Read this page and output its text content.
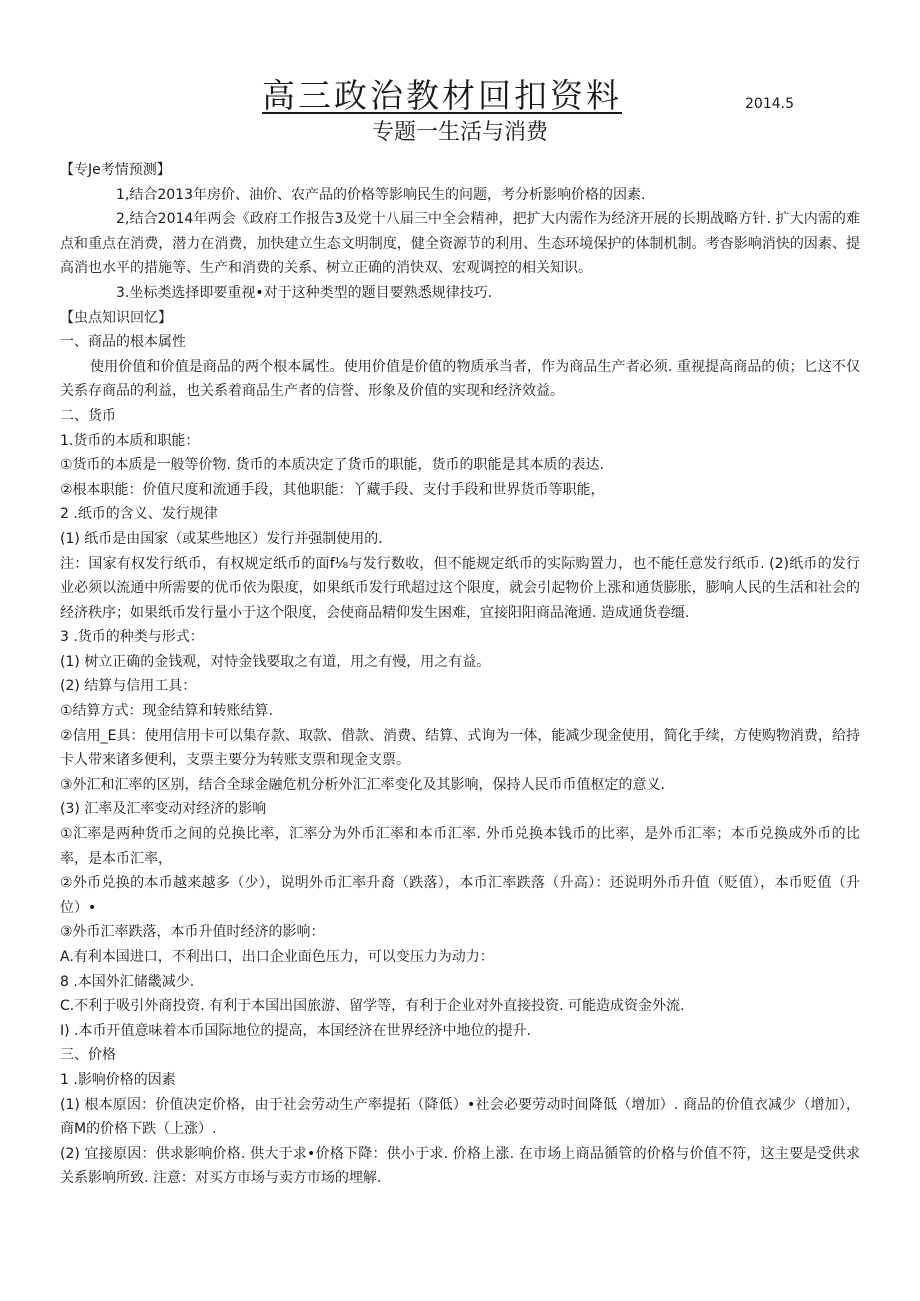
高三政治教材回扣资料	2014.5
专题一生活与消费

【专Je考情预测】

1,结合2013年房价、油价、农产品的价格等影响民生的问题，考分析影响价格的因素.

2,结合2014年两会《政府工作报告3及党十八届三中全会精神，把扩大内需作为经济开展的长期战略方针. 扩大内需的难点和重点在消费，潜力在消费，加快建立生态文明制度，健全资源节的利用、生态环境保护的体制机制。考杳影响消快的因素、提高消也水平的措施等、生产和消费的关系、树立正确的消快双、宏观调控的相关知识。

3.坐标类选择即要重视•对于这种类型的题目要熟悉规律技巧.

【虫点知识回忆】

一、商品的根本属性

使用价值和价值是商品的两个根本属性。使用价值是价值的物质承当者，作为商品生产者必须. 重视提高商品的侦；匕这不仅关系存商品的利益，也关系着商品生产者的信誉、形象及价值的实现和经济效益。

二、货币

1.货币的本质和职能：

①货币的本质是一般等价物. 货币的本质决定了货币的职能，货币的职能是其本质的表达.

②根本职能：价值尺度和流通手段，其他职能：丫藏手段、支付手段和世界货币等职能，

2 .纸币的含义、发行规律

(1) 纸币是由国家（或某些地区）发行并强制使用的.

注：国家有权发行纸币，有权规定纸币的面f⅛与发行数收，但不能规定纸币的实际购置力，也不能任意发行纸币. (2)纸币的发行业必须以流通中所需要的优币依为限度，如果纸币发行玳超过这个限度，就会引起物价上涨和通货膨胀，膨响人民的生活和社会的经济秩序；如果纸币发行量小于这个限度，会使商品精仰发生困难，宜接阳阳商品淹通. 造成通货卷缰.

3 .货币的种类与形式：

(1) 树立正确的金钱观，对恃金钱要取之有道，用之有慢，用之有益。

(2) 结算与信用工具：

①结算方式：现金结算和转账结算.

②信用_E具：使用信用卡可以集存款、取款、借款、消费、结算、式询为一体，能减少现金使用，简化手续，方使购物消费，给持卡人带来诸多便利，支票主要分为转账支票和现金支票。

③外汇和汇率的区别，结合全球金融危机分析外汇汇率变化及其影响，保持人民币币值枢定的意义.

(3) 汇率及汇率变动对经济的影响

①汇率是两种货币之间的兑换比率，汇率分为外币汇率和本币汇率. 外币兑换本钱币的比率，是外币汇率；本币兑换成外币的比率，是本币汇率，

②外币兑换的本币越来越多（少），说明外币汇率升裔（跌落），本币汇率跌落（升高）：还说明外币升值（贬值），本币贬值（升位）•

③外币汇率跌落，本币升值时经济的影响：

A.有利本国进口，不利出口，出口企业面色压力，可以变压力为动力：

8 .本国外汇储畿减少.

C.不利于吸引外商投资. 有利于本国出国旅游、留学等，有利于企业对外直接投资. 可能造成资金外流.

I) .本币开值意味着本币国际地位的提高，本国经济在世界经济中地位的提升.

三、价格

1 .影响价格的因素

(1) 根本原因：价值决定价格，由于社会劳动生产率提拓（降低）•社会必要劳动时间降低（增加）. 商品的价值衣减少（增加），商M的价格下跌（上涨）.

(2) 宜接原因：供求影响价格. 供大于求•价格下降：供小于求. 价格上涨. 在市场上商品循管的价格与价值不符，这主要是受供求关系影响所致. 注意：对买方市场与卖方市场的埋解.
